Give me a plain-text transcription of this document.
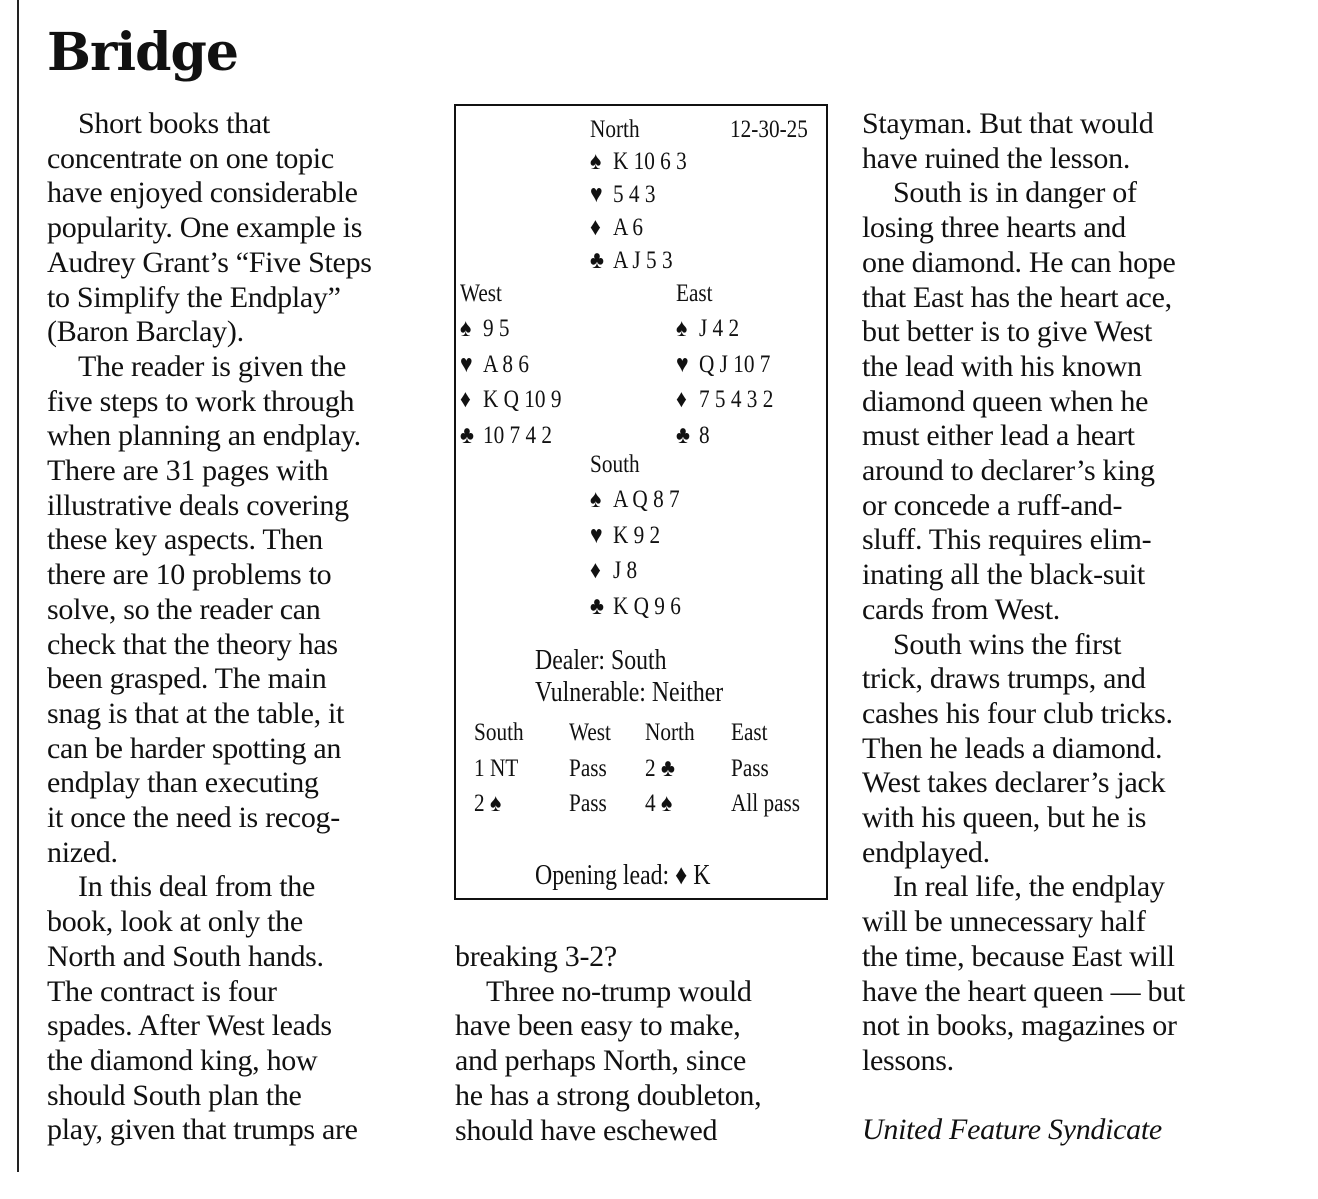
Bridge
Short books that
concentrate on one topic
have enjoyed considerable
popularity. One example is
Audrey Grant’s “Five Steps
to Simplify the Endplay”
(Baron Barclay).
The reader is given the
five steps to work through
when planning an endplay.
There are 31 pages with
illustrative deals covering
these key aspects. Then
there are 10 problems to
solve, so the reader can
check that the theory has
been grasped. The main
snag is that at the table, it
can be harder spotting an
endplay than executing
it once the need is recog-
nized.
In this deal from the
book, look at only the
North and South hands.
The contract is four
spades. After West leads
the diamond king, how
should South plan the
play, given that trumps are
North	12-30-25
♠ K 10 6 3
♥ 5 4 3
♦ A 6
♣ A J 5 3
West
♠ 9 5
♥ A 8 6
♦ K Q 10 9
♣ 10 7 4 2
East
♠ J 4 2
♥ Q J 10 7
♦ 7 5 4 3 2
♣ 8
South
♠ A Q 8 7
♥ K 9 2
♦ J 8
♣ K Q 9 6
Dealer: South
Vulnerable: Neither
South West North East
1 NT Pass 2 ♣ Pass
2 ♠	Pass 4 ♠ All pass
Opening lead: ♦ K
breaking 3-2?
Three no-trump would
have been easy to make,
and perhaps North, since
he has a strong doubleton,
should have eschewed
Stayman. But that would
have ruined the lesson.
South is in danger of
losing three hearts and
one diamond. He can hope
that East has the heart ace,
but better is to give West
the lead with his known
diamond queen when he
must either lead a heart
around to declarer’s king
or concede a ruff-and-
sluff. This requires elim-
inating all the black-suit
cards from West.
South wins the first
trick, draws trumps, and
cashes his four club tricks.
Then he leads a diamond.
West takes declarer’s jack
with his queen, but he is
endplayed.
In real life, the endplay
will be unnecessary half
the time, because East will
have the heart queen — but
not in books, magazines or
lessons.
United Feature Syndicate
